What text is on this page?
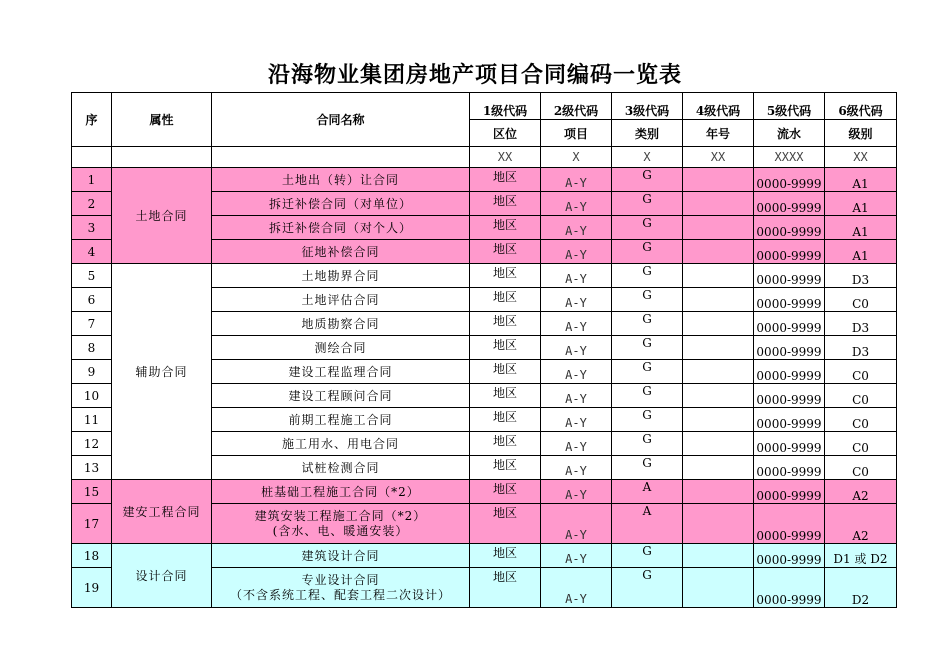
沿海物业集团房地产项目合同编码一览表
序	属性	合同名称	1级代码	2级代码	3级代码	4级代码	5级代码	6级代码
			区位	项目	类别	年号	流水	级别
			XX	X	X	XX	XXXX	XX
1	土地合同	土地出（转）让合同	地区	A-Y	G		0000-9999	A1
2		拆迁补偿合同（对单位）	地区	A-Y	G		0000-9999	A1
3		拆迁补偿合同（对个人）	地区	A-Y	G		0000-9999	A1
4		征地补偿合同	地区	A-Y	G		0000-9999	A1
5	辅助合同	土地勘界合同	地区	A-Y	G		0000-9999	D3
6		土地评估合同	地区	A-Y	G		0000-9999	C0
7		地质勘察合同	地区	A-Y	G		0000-9999	D3
8		测绘合同	地区	A-Y	G		0000-9999	D3
9		建设工程监理合同	地区	A-Y	G		0000-9999	C0
10		建设工程顾问合同	地区	A-Y	G		0000-9999	C0
11		前期工程施工合同	地区	A-Y	G		0000-9999	C0
12		施工用水、用电合同	地区	A-Y	G		0000-9999	C0
13		试桩检测合同	地区	A-Y	G		0000-9999	C0
15	建安工程合同	桩基础工程施工合同（*2）	地区	A-Y	A		0000-9999	A2
17		建筑安装工程施工合同（*2）
(含水、电、暖通安装）	地区	A-Y	A		0000-9999	A2
18	设计合同	建筑设计合同	地区	A-Y	G		0000-9999	D1 或 D2
19		专业设计合同
（不含系统工程、配套工程二次设计）	地区	A-Y	G		0000-9999	D2
